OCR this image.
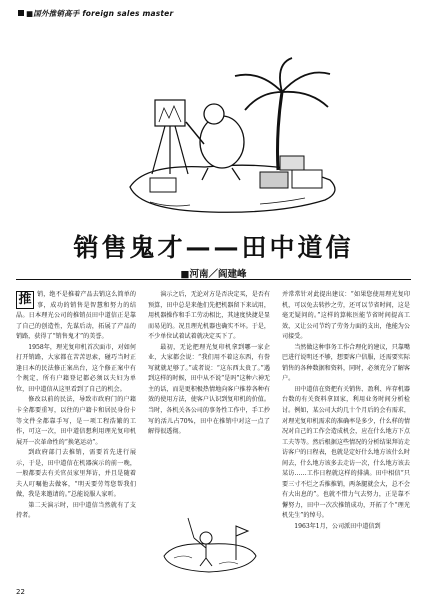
■国外推销高手 foreign sales master
销售鬼才——田中道信
■河南／阎建峰
推 销，绝不是推着产品去销这么简单的事，成功的销售是智慧和努力的结晶。日本理光公司的推销员田中道信正是靠了自己的创造性，先谋后动，拓展了产品的销路，获得了“销售鬼才”的美誉。

1958年，理光复印机首次面市，对如何打开销路，大家都在苦苦思索，碰巧当时正逢日本的民法修正案出台，这个修正案中有个规定，所有户籍登记都必须以夫妇为单位，田中道信从这里看到了自己的机会。

修改以前的民法，导致市政府门的户籍卡全都要重写，以往的户籍卡和居民身份卡等文件全都靠手写，是一项工程浩繁的工作，可这一次，田中道信想利用理光复印机展开一次革命性的“换笔运动”。

到政府部门去推销，需要首先进行展示，于是，田中道信在机器演示的前一晚，一般都要去有关官员家里拜访，并且是随着夫人叮嘱他去做客，“明天要劳驾您帮我们做，我是来邀请的。”总能说服人家听。

第二天演示时，田中道信当然就有了支持者。

演示之后，无论对方是否决定买，是否有预算，田中总是来他们先把机器留下来试用，用机器操作和手工劳动相比，其速度快捷是显而易见的。况且理光机器也确实不坏。于是，不少单位试着试着就决定买下了。

最初，无论把理光复印机拿到哪一家企业，大家都会说：“我们用不着这东西，有誊写就就足够了。”或者说：“这东西太贵了。”遇到这样的时候，田中从不说“是吗”这种六神无主的话，而是更积极热情地向客户推荐各种有效的使用方法，使客户认识到复印机的价值。当时，各机关各公司的事务性工作中，手工抄写的活儿占70%，田中在推销中对这一点了解得很透彻。

并常常针对此提出建议：“如果您使用理光复印机，可以免去转抄之劳，还可以节省时间，这是毫无疑问的。”这样的算帐医能节省时间提高工效，又让公司节约了劳务力面的支出，他能为公司接受。

当然做这种事务工作合理化的建议，只靠嘴巴进行说明还不够，想要客户信服，还需要实际销售的各种数据和资料，同时，必须充分了解客户。

田中道信在资把有关销售、盈利、库存机器台数的有关资料拿回家，利用业务时间分析检讨。例如，某公司大约几十个月后的会有需求，对理光复印机需求的准确率是多少，什么样的情况对自己的工作会造成机会，应在什么地方下点工夫等等。然后根据这些情况的分析结果拜访走访客户的日程表，也就是定好什么地方该什么时间去，什么地方该多去走访一次，什么地方该去某访……工作日程就这样的排满。田中相信“只要三寸不烂之舌推推销，两条腿就会大，总不会有大出息的”。也就不惜力气去努力，正是靠不懈努力，田中一次次推销成功，开拓了个“理光机先生”的绰号。

1963年1月，公司派田中道信到

22
